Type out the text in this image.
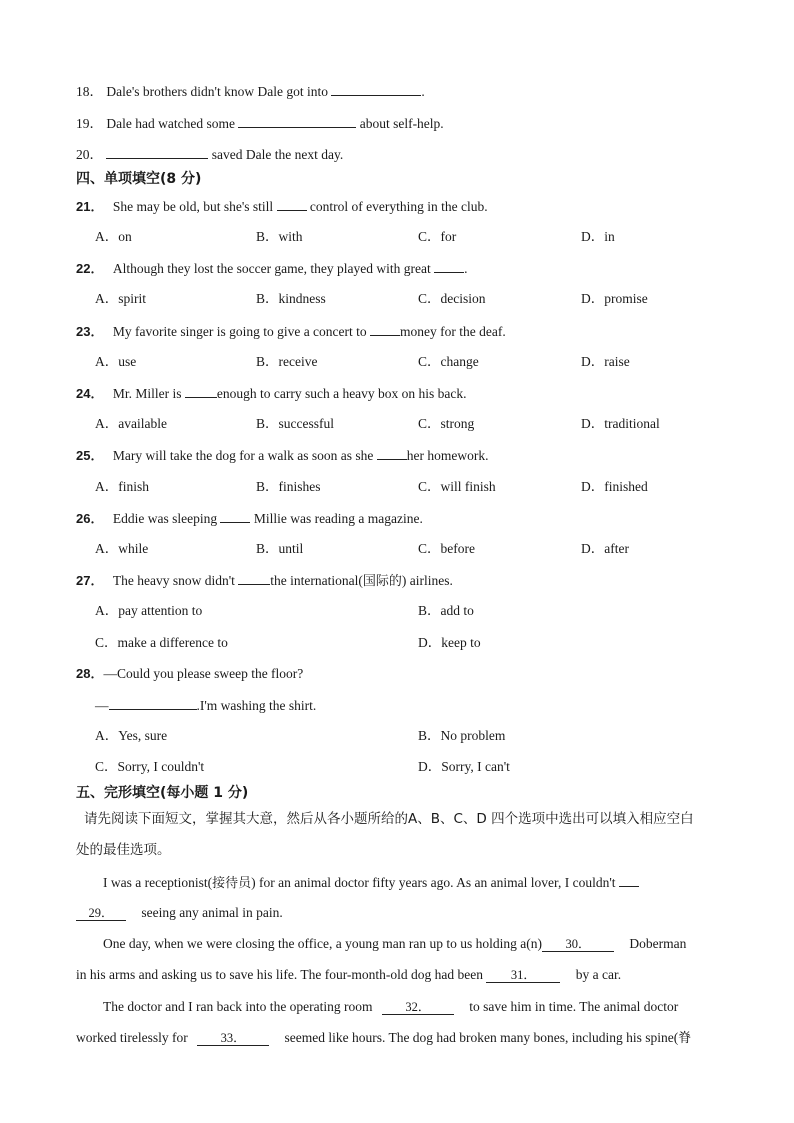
18． Dale's brothers didn't know Dale got into	.
19． Dale had watched some	about self-help.
20．	saved Dale the next day.
四、单项填空(8 分)
21． She may be old, but she's still	control of everything in the club.
A．on	B．with	C．for	D．in
22． Although they lost the soccer game, they played with great .
A．spirit	B．kindness	C．decision	D．promise
23． My favorite singer is going to give a concert to money for the deaf.
A．use	B．receive	C．change	D．raise
24． Mr. Miller is	enough to carry such a heavy box on his back.
A．available	B．successful	C．strong	D．traditional
25． Mary will take the dog for a walk as soon as she her homework.
A．finish	B．finishes	C．will finish	D．finished
26． Eddie was sleeping	Millie was reading a magazine.
A．while	B．until	C．before	D．after
27． The heavy snow didn't	the international(国际的) airlines.
A．pay attention to	B．add to
C．make a difference to	D．keep to
28．—Could you please sweep the floor?
—	.I'm washing the shirt.
A．Yes, sure	B．No problem
C．Sorry, I couldn't	D．Sorry, I can't
五、完形填空(每小题 1 分)
请先阅读下面短文，掌握其大意，然后从各小题所给的A、B、C、D 四个选项中选出可以填入相应空白
处的最佳选项。
I was a receptionist(接待员) for an animal doctor fifty years ago. As an animal lover, I couldn't
29． seeing any animal in pain.
One day, when we were closing the office, a young man ran up to us holding a(n) 30．	Doberman
in his arms and asking us to save his life. The four-month-old dog had been 31．	by a car.
The doctor and I ran back into the operating room	32．	to save him in time. The animal doctor
worked tirelessly for	33．	seemed like hours. The dog had broken many bones, including his spine(脊
